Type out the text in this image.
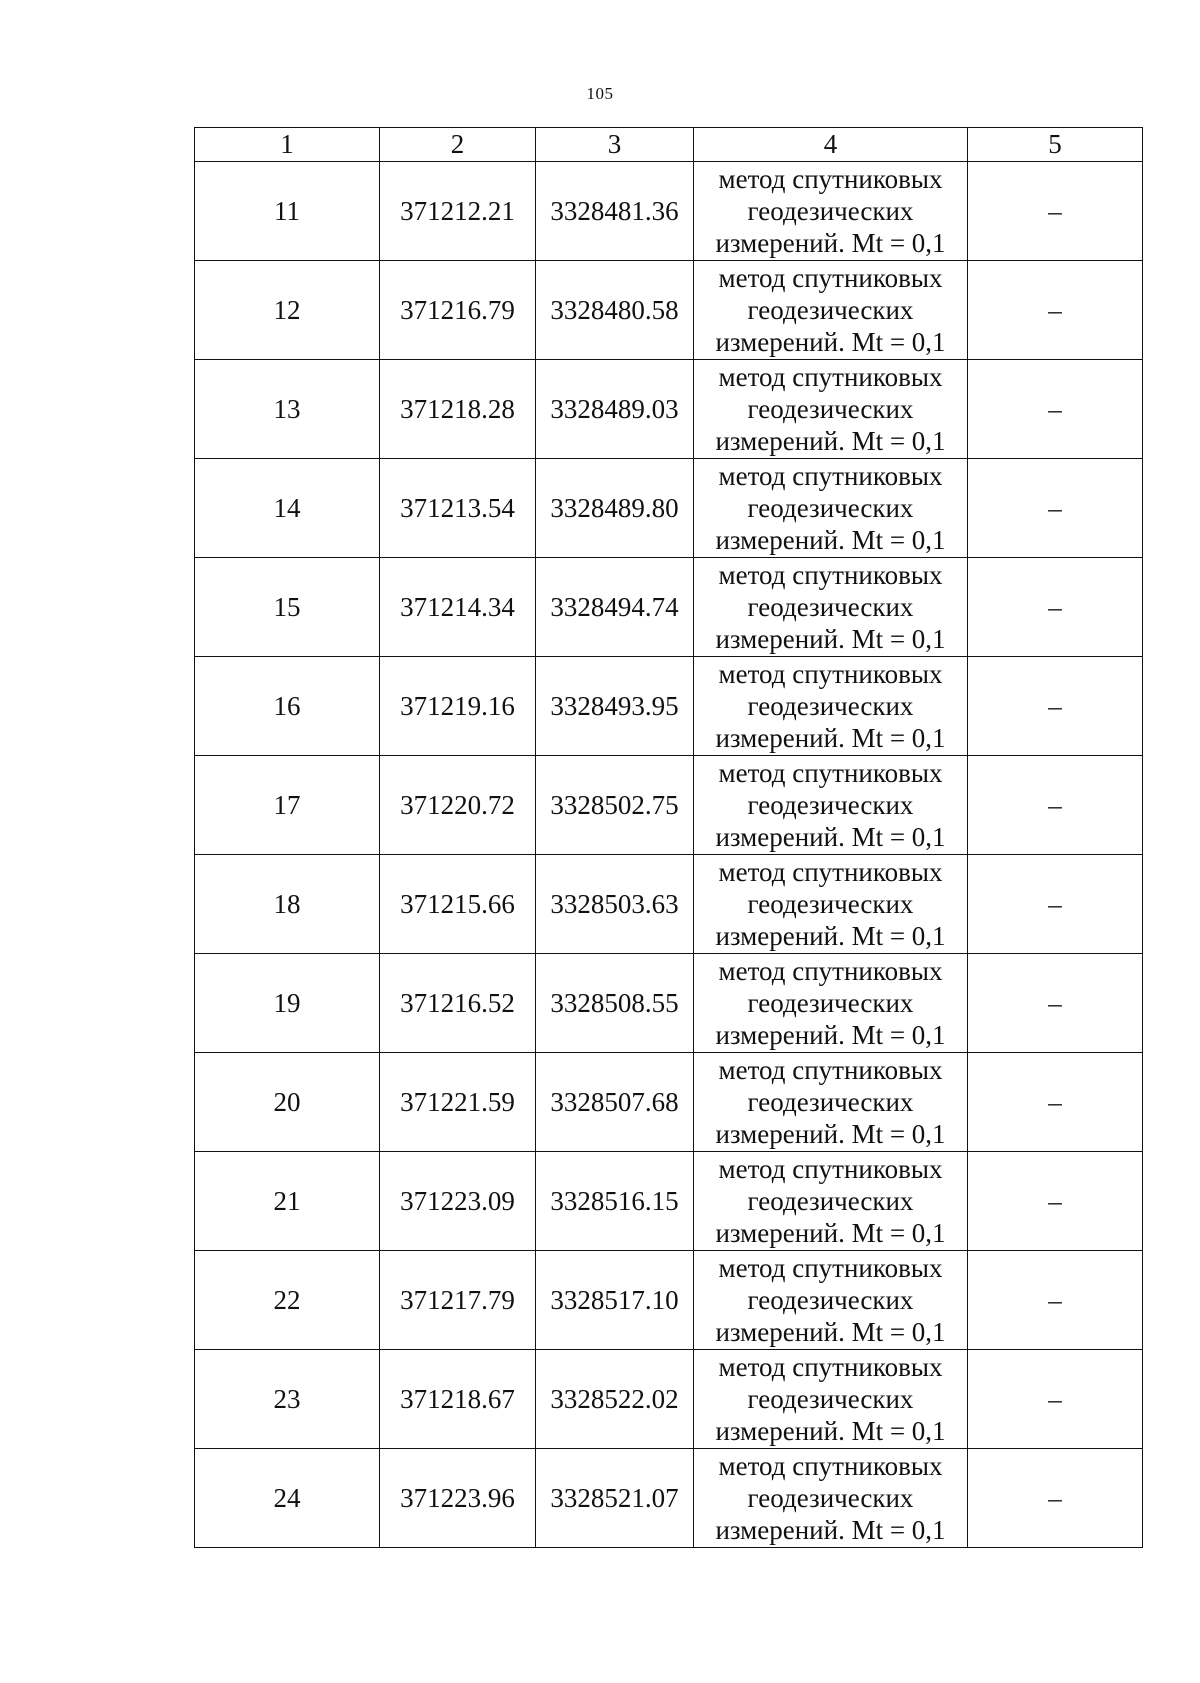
105
1	2	3	4	5
11	371212.21	3328481.36	метод спутниковых
геодезических
измерений. Mt = 0,1	–
12	371216.79	3328480.58	метод спутниковых
геодезических
измерений. Mt = 0,1	–
13	371218.28	3328489.03	метод спутниковых
геодезических
измерений. Mt = 0,1	–
14	371213.54	3328489.80	метод спутниковых
геодезических
измерений. Mt = 0,1	–
15	371214.34	3328494.74	метод спутниковых
геодезических
измерений. Mt = 0,1	–
16	371219.16	3328493.95	метод спутниковых
геодезических
измерений. Mt = 0,1	–
17	371220.72	3328502.75	метод спутниковых
геодезических
измерений. Mt = 0,1	–
18	371215.66	3328503.63	метод спутниковых
геодезических
измерений. Mt = 0,1	–
19	371216.52	3328508.55	метод спутниковых
геодезических
измерений. Mt = 0,1	–
20	371221.59	3328507.68	метод спутниковых
геодезических
измерений. Mt = 0,1	–
21	371223.09	3328516.15	метод спутниковых
геодезических
измерений. Mt = 0,1	–
22	371217.79	3328517.10	метод спутниковых
геодезических
измерений. Mt = 0,1	–
23	371218.67	3328522.02	метод спутниковых
геодезических
измерений. Mt = 0,1	–
24	371223.96	3328521.07	метод спутниковых
геодезических
измерений. Mt = 0,1	–
